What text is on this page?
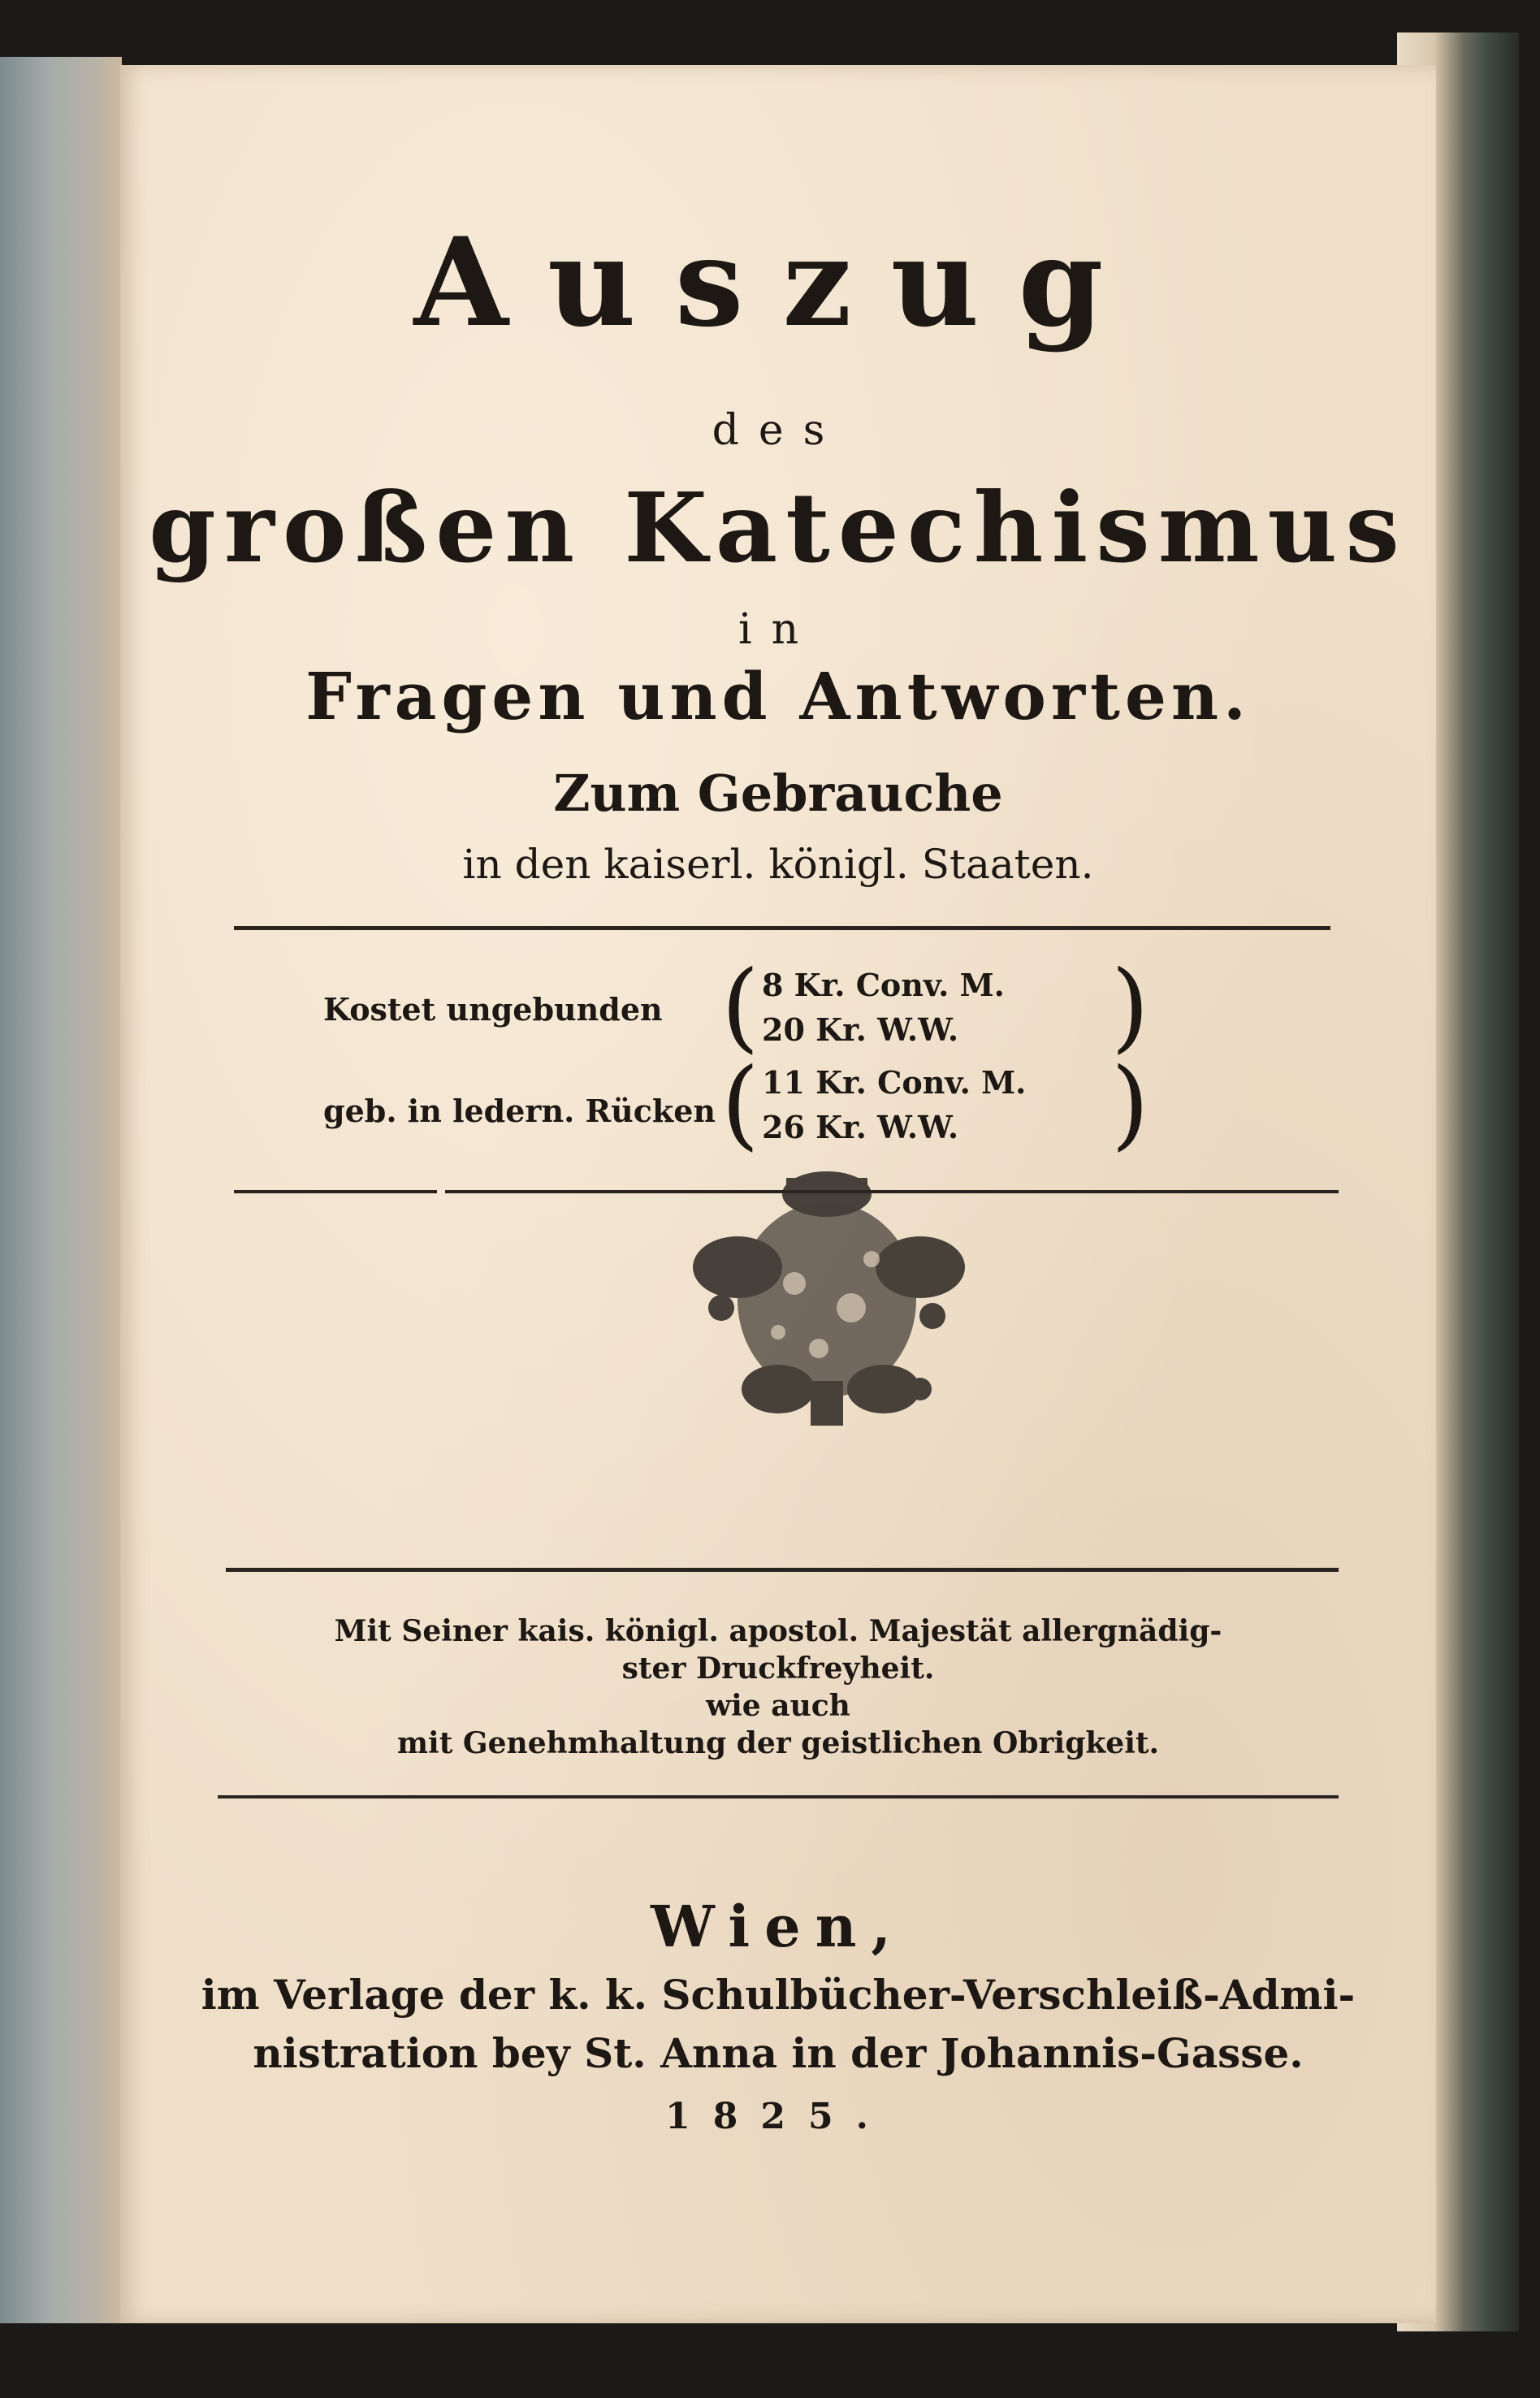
Auszug
des
großen Katechismus
in
Fragen und Antworten.
Zum Gebrauche
in den kaiserl. königl. Staaten.
Kostet ungebunden ( 8 Kr. Conv. M.
20 Kr. W.W. )
geb. in ledern. Rücken ( 11 Kr. Conv. M.
26 Kr. W.W. )
Mit Seiner kais. königl. apostol. Majestät allergnädig-
ster Druckfreyheit.
wie auch
mit Genehmhaltung der geistlichen Obrigkeit.
Wien,
im Verlage der k. k. Schulbücher-Verschleiß-Admi-
nistration bey St. Anna in der Johannis-Gasse.
1825.
